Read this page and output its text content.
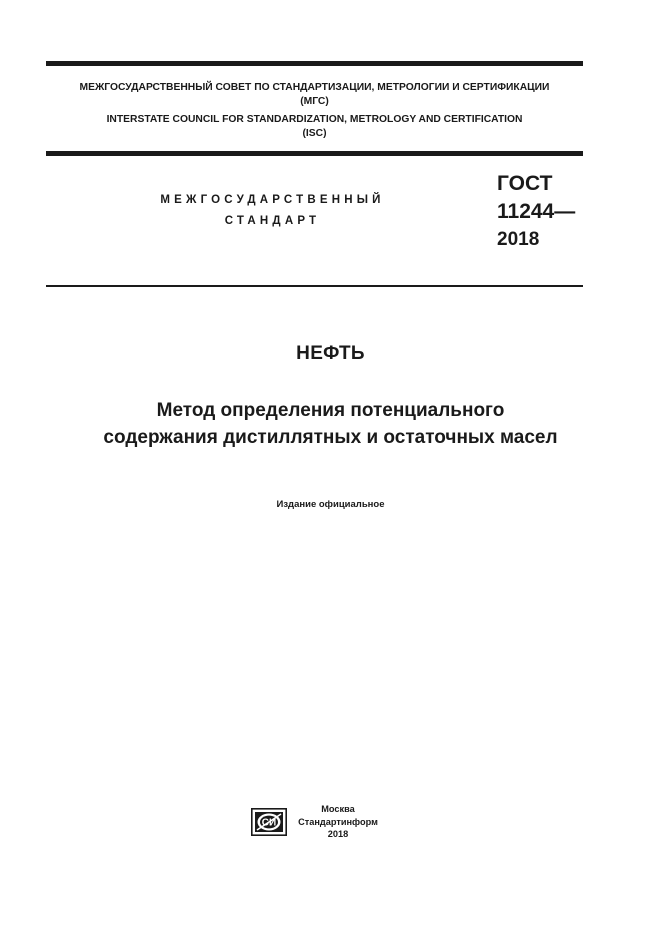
МЕЖГОСУДАРСТВЕННЫЙ СОВЕТ ПО СТАНДАРТИЗАЦИИ, МЕТРОЛОГИИ И СЕРТИФИКАЦИИ
(МГС)
INTERSTATE COUNCIL FOR STANDARDIZATION, METROLOGY AND CERTIFICATION
(ISC)
МЕЖГОСУДАРСТВЕННЫЙ
СТАНДАРТ
ГОСТ
11244—
2018
НЕФТЬ
Метод определения потенциального
содержания дистиллятных и остаточных масел
Издание официальное
СИ
Москва
Стандартинформ
2018
